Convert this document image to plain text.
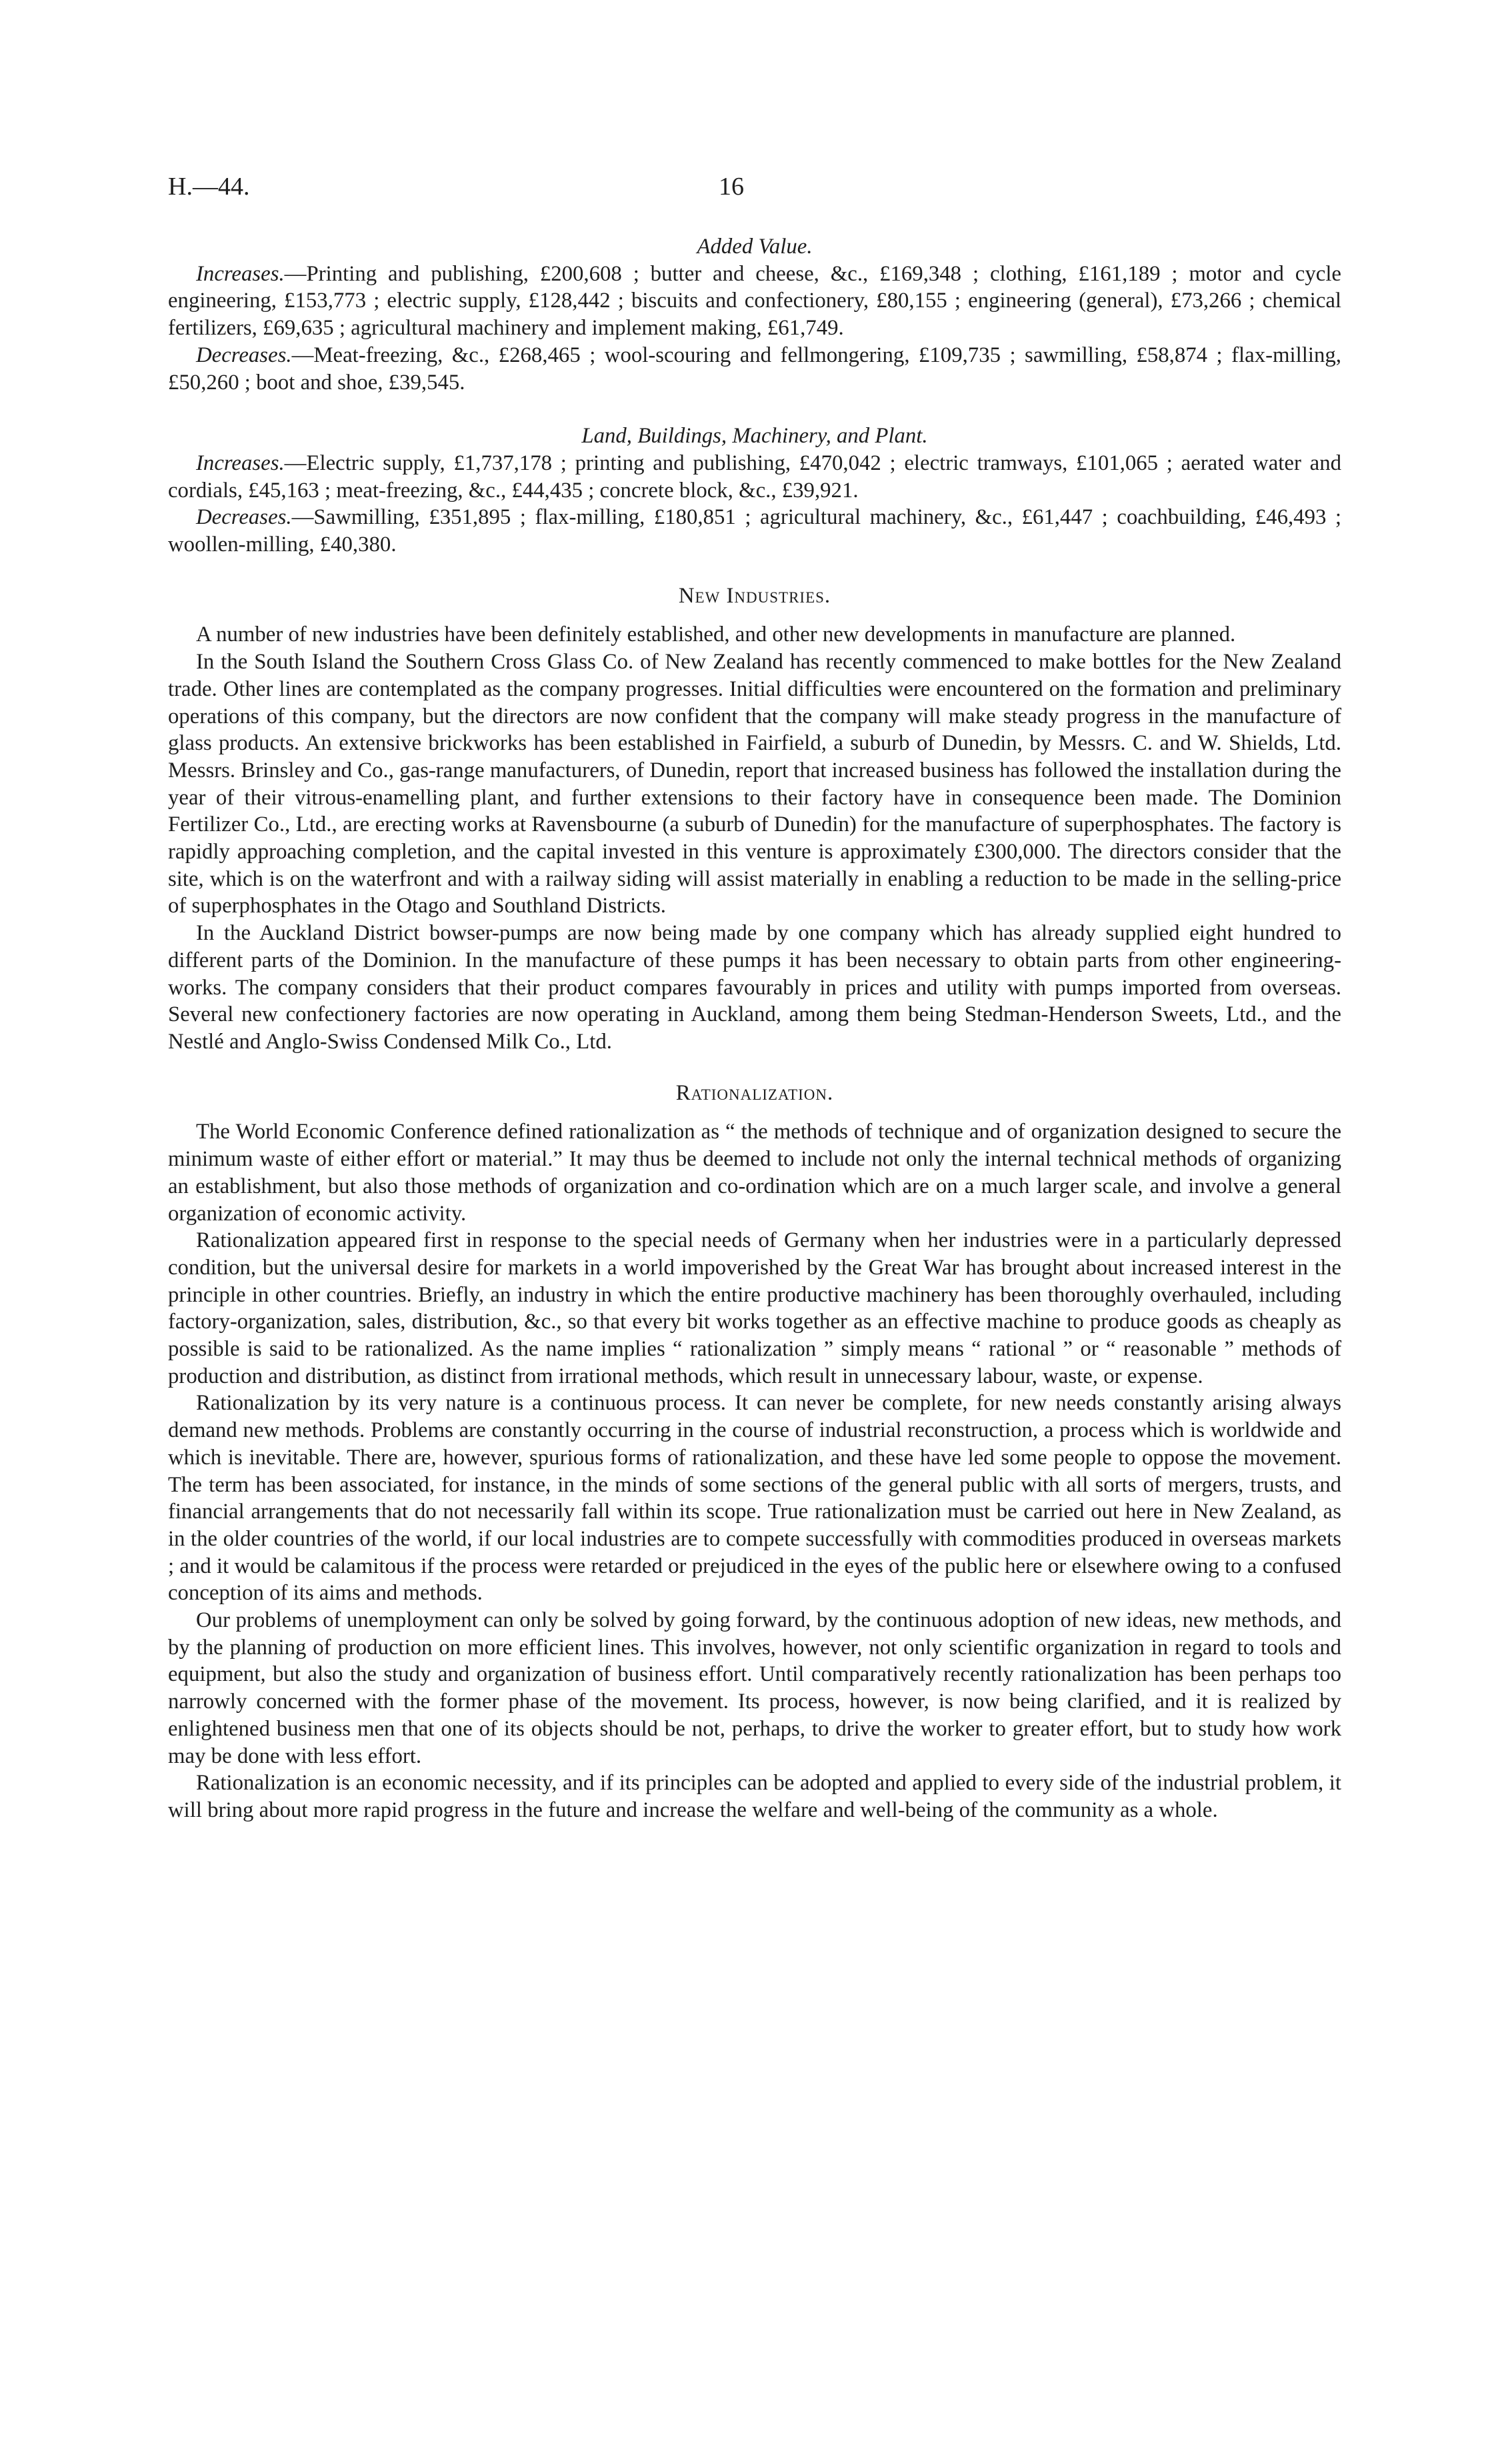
H.—44.	16
Added Value.

Increases.—Printing and publishing, £200,608 ; butter and cheese, &c., £169,348 ; clothing, £161,189 ; motor and cycle engineering, £153,773 ; electric supply, £128,442 ; biscuits and confectionery, £80,155 ; engineering (general), £73,266 ; chemical fertilizers, £69,635 ; agricultural machinery and implement making, £61,749.

Decreases.—Meat-freezing, &c., £268,465 ; wool-scouring and fellmongering, £109,735 ; sawmilling, £58,874 ; flax-milling, £50,260 ; boot and shoe, £39,545.

Land, Buildings, Machinery, and Plant.

Increases.—Electric supply, £1,737,178 ; printing and publishing, £470,042 ; electric tramways, £101,065 ; aerated water and cordials, £45,163 ; meat-freezing, &c., £44,435 ; concrete block, &c., £39,921.

Decreases.—Sawmilling, £351,895 ; flax-milling, £180,851 ; agricultural machinery, &c., £61,447 ; coachbuilding, £46,493 ; woollen-milling, £40,380.

New Industries.

A number of new industries have been definitely established, and other new developments in manufacture are planned.

In the South Island the Southern Cross Glass Co. of New Zealand has recently commenced to make bottles for the New Zealand trade. Other lines are contemplated as the company progresses. Initial difficulties were encountered on the formation and preliminary operations of this company, but the directors are now confident that the company will make steady progress in the manufacture of glass products. An extensive brickworks has been established in Fairfield, a suburb of Dunedin, by Messrs. C. and W. Shields, Ltd. Messrs. Brinsley and Co., gas-range manufacturers, of Dunedin, report that increased business has followed the installation during the year of their vitrous-enamelling plant, and further extensions to their factory have in consequence been made. The Dominion Fertilizer Co., Ltd., are erecting works at Ravensbourne (a suburb of Dunedin) for the manufacture of superphosphates. The factory is rapidly approaching completion, and the capital invested in this venture is approximately £300,000. The directors consider that the site, which is on the waterfront and with a railway siding will assist materially in enabling a reduction to be made in the selling-price of superphosphates in the Otago and Southland Districts.

In the Auckland District bowser-pumps are now being made by one company which has already supplied eight hundred to different parts of the Dominion. In the manufacture of these pumps it has been necessary to obtain parts from other engineering-works. The company considers that their product compares favourably in prices and utility with pumps imported from overseas. Several new confectionery factories are now operating in Auckland, among them being Stedman-Henderson Sweets, Ltd., and the Nestlé and Anglo-Swiss Condensed Milk Co., Ltd.

Rationalization.

The World Economic Conference defined rationalization as “ the methods of technique and of organization designed to secure the minimum waste of either effort or material.” It may thus be deemed to include not only the internal technical methods of organizing an establishment, but also those methods of organization and co-ordination which are on a much larger scale, and involve a general organization of economic activity.

Rationalization appeared first in response to the special needs of Germany when her industries were in a particularly depressed condition, but the universal desire for markets in a world impoverished by the Great War has brought about increased interest in the principle in other countries. Briefly, an industry in which the entire productive machinery has been thoroughly overhauled, including factory-organization, sales, distribution, &c., so that every bit works together as an effective machine to produce goods as cheaply as possible is said to be rationalized. As the name implies “ rationalization ” simply means “ rational ” or “ reasonable ” methods of production and distribution, as distinct from irrational methods, which result in unnecessary labour, waste, or expense.

Rationalization by its very nature is a continuous process. It can never be complete, for new needs constantly arising always demand new methods. Problems are constantly occurring in the course of industrial reconstruction, a process which is worldwide and which is inevitable. There are, however, spurious forms of rationalization, and these have led some people to oppose the movement. The term has been associated, for instance, in the minds of some sections of the general public with all sorts of mergers, trusts, and financial arrangements that do not necessarily fall within its scope. True rationalization must be carried out here in New Zealand, as in the older countries of the world, if our local industries are to compete successfully with commodities produced in overseas markets ; and it would be calamitous if the process were retarded or prejudiced in the eyes of the public here or elsewhere owing to a confused conception of its aims and methods.

Our problems of unemployment can only be solved by going forward, by the continuous adoption of new ideas, new methods, and by the planning of production on more efficient lines. This involves, however, not only scientific organization in regard to tools and equipment, but also the study and organization of business effort. Until comparatively recently rationalization has been perhaps too narrowly concerned with the former phase of the movement. Its process, however, is now being clarified, and it is realized by enlightened business men that one of its objects should be not, perhaps, to drive the worker to greater effort, but to study how work may be done with less effort.

Rationalization is an economic necessity, and if its principles can be adopted and applied to every side of the industrial problem, it will bring about more rapid progress in the future and increase the welfare and well-being of the community as a whole.
